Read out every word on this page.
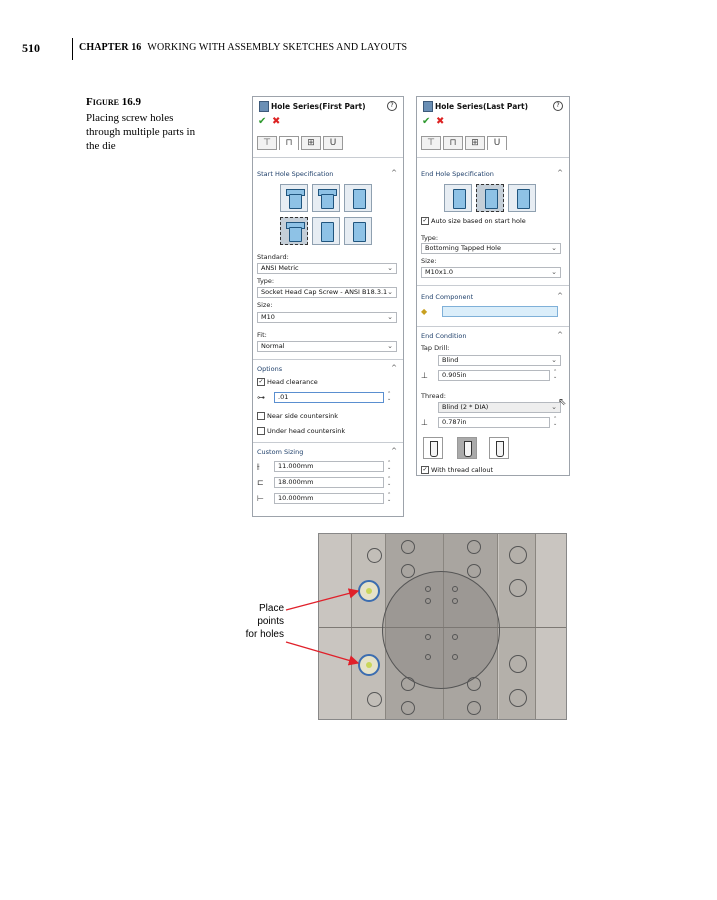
510	CHAPTER 16 WORKING WITH ASSEMBLY SKETCHES AND LAYOUTS
Figure 16.9
Placing screw holes through multiple parts in the die
Hole Series(First Part)	?
✔ ✖
⊤	⊓	⊞	U
Start Hole Specification	^
Standard:
ANSI Metric	⌄
Type:
Socket Head Cap Screw - ANSI B18.3.1 ⌄
Size:
M10	⌄
Fit:
Normal	⌄
Options	^
✓ Head clearance
⊶	.01	⌃
⌄
Near side countersink
Under head countersink
Custom Sizing	^
⫲	11.000mm	⌃
⌄
⊏	18.000mm	⌃
⌄
⊢	10.000mm	⌃
⌄
Hole Series(Last Part)	?
✔ ✖
⊤	⊓	⊞	U
End Hole Specification	^
✓ Auto size based on start hole
Type:
Bottoming Tapped Hole	⌄
Size:
M10x1.0	⌄
End Component	^
◆
End Condition	^
Tap Drill:
Blind	⌄
⊥	0.905in	⌃
⌄
Thread:
Blind (2 * DIA)	⌄
⊥	0.787in	⌃
⌄
⇖
✓ With thread callout
Place points for holes
